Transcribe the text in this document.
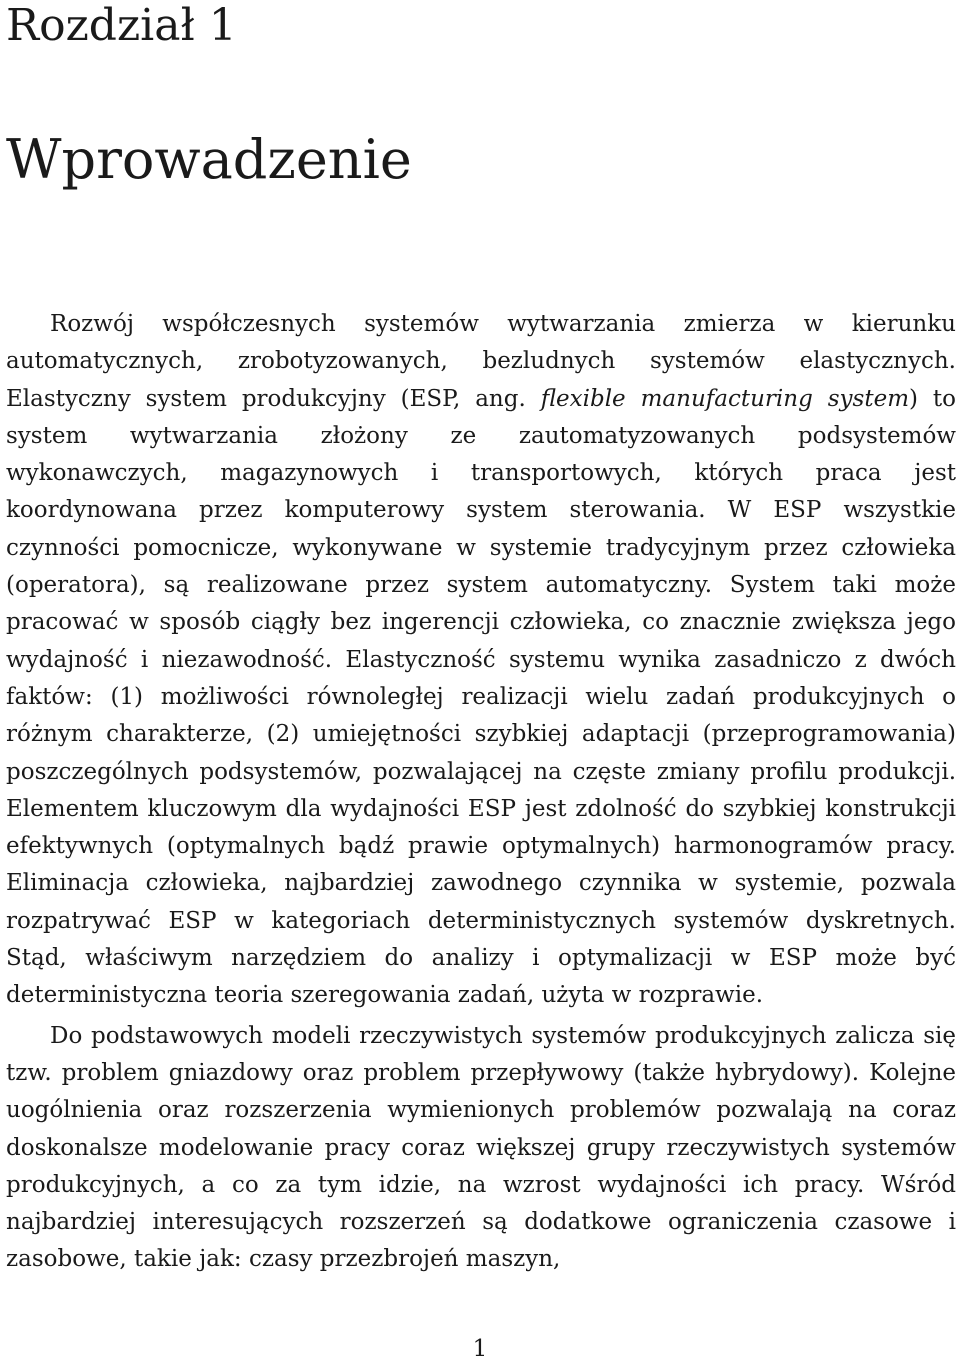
Rozdział 1
Wprowadzenie

Rozwój współczesnych systemów wytwarzania zmierza w kierunku automatycznych, zrobotyzowanych, bezludnych systemów elastycznych. Elastyczny system produkcyjny (ESP, ang. flexible manufacturing system) to system wytwarzania złożony ze zautomatyzowanych podsystemów wykonawczych, magazynowych i transportowych, których praca jest koordynowana przez komputerowy system sterowania. W ESP wszystkie czynności pomocnicze, wykonywane w systemie tradycyjnym przez człowieka (operatora), są realizowane przez system automatyczny. System taki może pracować w sposób ciągły bez ingerencji człowieka, co znacznie zwiększa jego wydajność i niezawodność. Elastyczność systemu wynika zasadniczo z dwóch faktów: (1) możliwości równoległej realizacji wielu zadań produkcyjnych o różnym charakterze, (2) umiejętności szybkiej adaptacji (przeprogramowania) poszczególnych podsystemów, pozwalającej na częste zmiany profilu produkcji. Elementem kluczowym dla wydajności ESP jest zdolność do szybkiej konstrukcji efektywnych (optymalnych bądź prawie optymalnych) harmonogramów pracy. Eliminacja człowieka, najbardziej zawodnego czynnika w systemie, pozwala rozpatrywać ESP w kategoriach deterministycznych systemów dyskretnych. Stąd, właściwym narzędziem do analizy i optymalizacji w ESP może być deterministyczna teoria szeregowania zadań, użyta w rozprawie.

Do podstawowych modeli rzeczywistych systemów produkcyjnych zalicza się tzw. problem gniazdowy oraz problem przepływowy (także hybrydowy). Kolejne uogólnienia oraz rozszerzenia wymienionych problemów pozwalają na coraz doskonalsze modelowanie pracy coraz większej grupy rzeczywistych systemów produkcyjnych, a co za tym idzie, na wzrost wydajności ich pracy. Wśród najbardziej interesujących rozszerzeń są dodatkowe ograniczenia czasowe i zasobowe, takie jak: czasy przezbrojeń maszyn,

1
